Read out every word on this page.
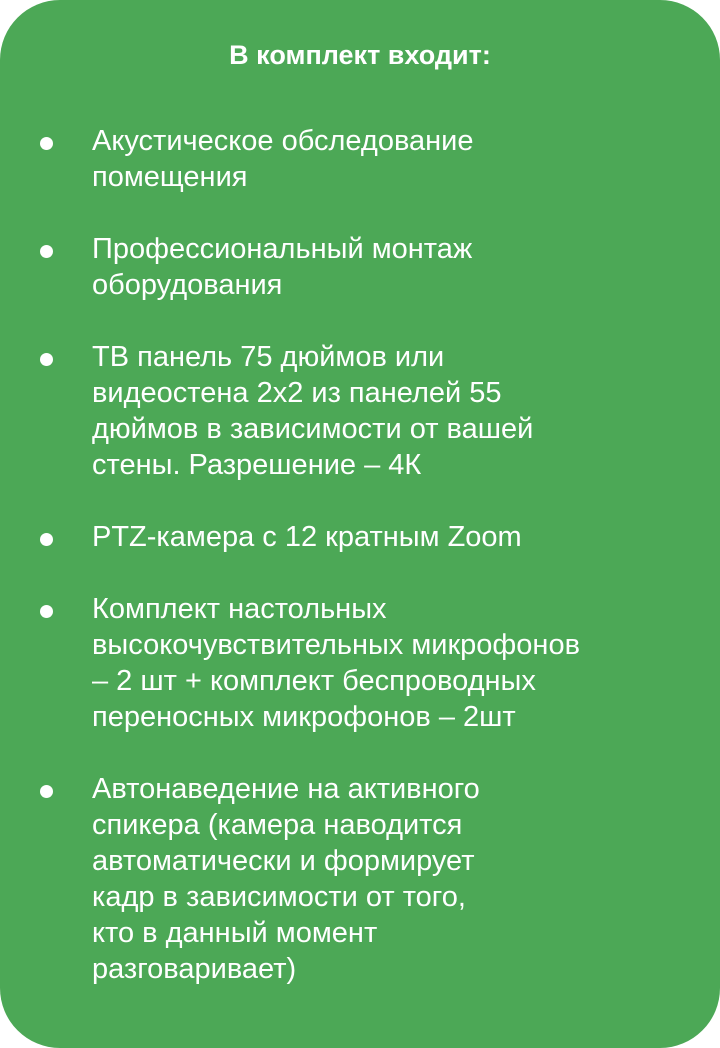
В комплект входит:
Акустическое обследование
помещения
Профессиональный монтаж
оборудования
ТВ панель 75 дюймов или
видеостена 2х2 из панелей 55
дюймов в зависимости от вашей
стены. Разрешение – 4К
PTZ-камера с 12 кратным Zoom
Комплект настольных
высокочувствительных микрофонов
– 2 шт + комплект беспроводных
переносных микрофонов – 2шт
Автонаведение на активного
спикера (камера наводится
автоматически и формирует
кадр в зависимости от того,
кто в данный момент
разговаривает)
